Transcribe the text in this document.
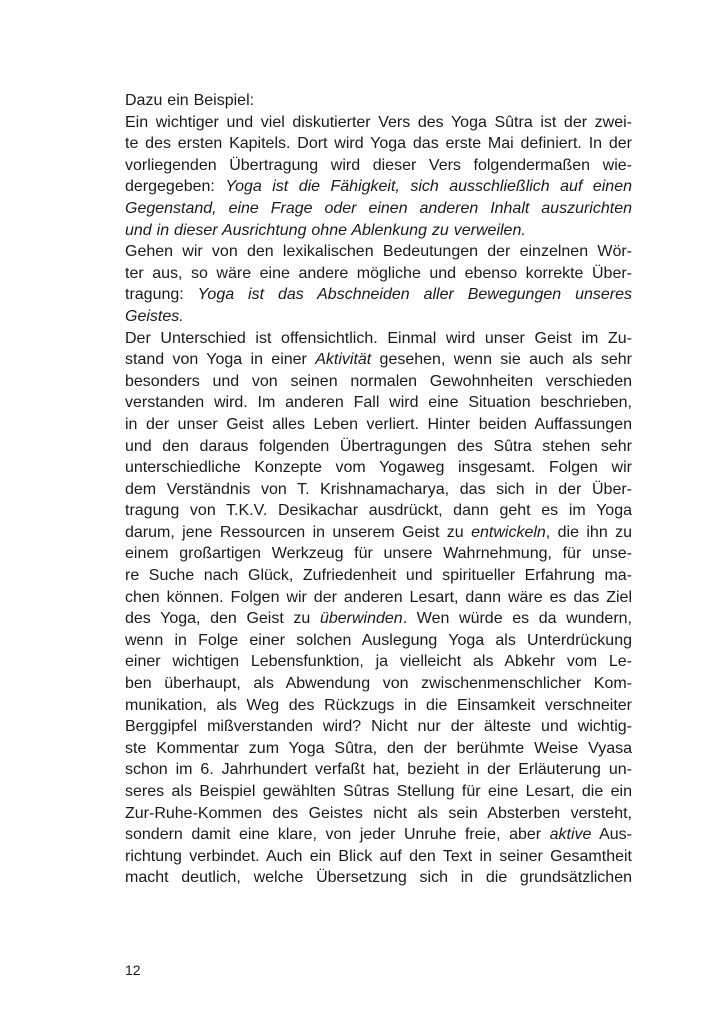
Dazu ein Beispiel:
Ein wichtiger und viel diskutierter Vers des Yoga Sûtra ist der zwei-
te des ersten Kapitels. Dort wird Yoga das erste Mai definiert. In der
vorliegenden Übertragung wird dieser Vers folgendermaßen wie-
dergegeben: Yoga ist die Fähigkeit, sich ausschließlich auf einen
Gegenstand, eine Frage oder einen anderen Inhalt auszurichten
und in dieser Ausrichtung ohne Ablenkung zu verweilen.
Gehen wir von den lexikalischen Bedeutungen der einzelnen Wör-
ter aus, so wäre eine andere mögliche und ebenso korrekte Über-
tragung: Yoga ist das Abschneiden aller Bewegungen unseres
Geistes.
Der Unterschied ist offensichtlich. Einmal wird unser Geist im Zu-
stand von Yoga in einer Aktivität gesehen, wenn sie auch als sehr
besonders und von seinen normalen Gewohnheiten verschieden
verstanden wird. Im anderen Fall wird eine Situation beschrieben,
in der unser Geist alles Leben verliert. Hinter beiden Auffassungen
und den daraus folgenden Übertragungen des Sûtra stehen sehr
unterschiedliche Konzepte vom Yogaweg insgesamt. Folgen wir
dem Verständnis von T. Krishnamacharya, das sich in der Über-
tragung von T.K.V. Desikachar ausdrückt, dann geht es im Yoga
darum, jene Ressourcen in unserem Geist zu entwickeln, die ihn zu
einem großartigen Werkzeug für unsere Wahrnehmung, für unse-
re Suche nach Glück, Zufriedenheit und spiritueller Erfahrung ma-
chen können. Folgen wir der anderen Lesart, dann wäre es das Ziel
des Yoga, den Geist zu überwinden. Wen würde es da wundern,
wenn in Folge einer solchen Auslegung Yoga als Unterdrückung
einer wichtigen Lebensfunktion, ja vielleicht als Abkehr vom Le-
ben überhaupt, als Abwendung von zwischenmenschlicher Kom-
munikation, als Weg des Rückzugs in die Einsamkeit verschneiter
Berggipfel mißverstanden wird? Nicht nur der älteste und wichtig-
ste Kommentar zum Yoga Sûtra, den der berühmte Weise Vyasa
schon im 6. Jahrhundert verfaßt hat, bezieht in der Erläuterung un-
seres als Beispiel gewählten Sûtras Stellung für eine Lesart, die ein
Zur-Ruhe-Kommen des Geistes nicht als sein Absterben versteht,
sondern damit eine klare, von jeder Unruhe freie, aber aktive Aus-
richtung verbindet. Auch ein Blick auf den Text in seiner Gesamtheit
macht deutlich, welche Übersetzung sich in die grundsätzlichen
12
